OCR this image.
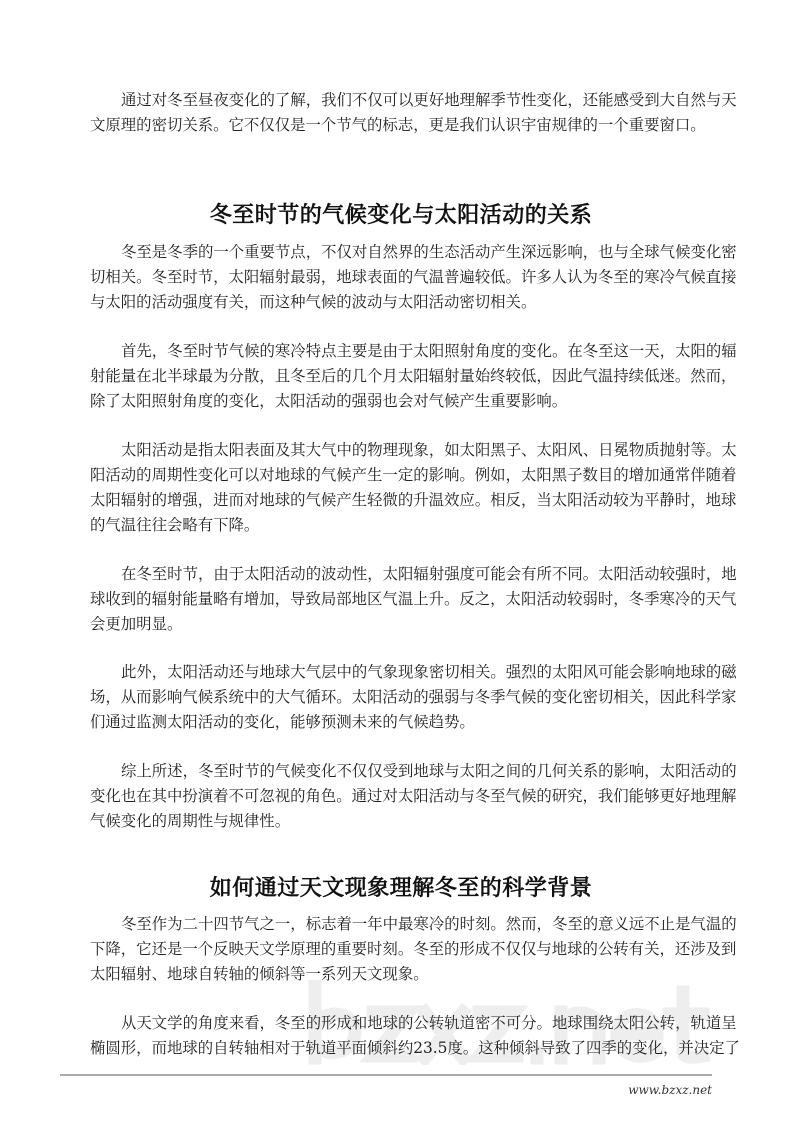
通过对冬至昼夜变化的了解，我们不仅可以更好地理解季节性变化，还能感受到大自然与天
文原理的密切关系。它不仅仅是一个节气的标志，更是我们认识宇宙规律的一个重要窗口。
冬至时节的气候变化与太阳活动的关系
冬至是冬季的一个重要节点，不仅对自然界的生态活动产生深远影响，也与全球气候变化密
切相关。冬至时节，太阳辐射最弱，地球表面的气温普遍较低。许多人认为冬至的寒冷气候直接
与太阳的活动强度有关，而这种气候的波动与太阳活动密切相关。
首先，冬至时节气候的寒冷特点主要是由于太阳照射角度的变化。在冬至这一天，太阳的辐
射能量在北半球最为分散，且冬至后的几个月太阳辐射量始终较低，因此气温持续低迷。然而，
除了太阳照射角度的变化，太阳活动的强弱也会对气候产生重要影响。
太阳活动是指太阳表面及其大气中的物理现象，如太阳黑子、太阳风、日冕物质抛射等。太
阳活动的周期性变化可以对地球的气候产生一定的影响。例如，太阳黑子数目的增加通常伴随着
太阳辐射的增强，进而对地球的气候产生轻微的升温效应。相反，当太阳活动较为平静时，地球
的气温往往会略有下降。
在冬至时节，由于太阳活动的波动性，太阳辐射强度可能会有所不同。太阳活动较强时，地
球收到的辐射能量略有增加，导致局部地区气温上升。反之，太阳活动较弱时，冬季寒冷的天气
会更加明显。
此外，太阳活动还与地球大气层中的气象现象密切相关。强烈的太阳风可能会影响地球的磁
场，从而影响气候系统中的大气循环。太阳活动的强弱与冬季气候的变化密切相关，因此科学家
们通过监测太阳活动的变化，能够预测未来的气候趋势。
综上所述，冬至时节的气候变化不仅仅受到地球与太阳之间的几何关系的影响，太阳活动的
变化也在其中扮演着不可忽视的角色。通过对太阳活动与冬至气候的研究，我们能够更好地理解
气候变化的周期性与规律性。
如何通过天文现象理解冬至的科学背景
冬至作为二十四节气之一，标志着一年中最寒冷的时刻。然而，冬至的意义远不止是气温的
下降，它还是一个反映天文学原理的重要时刻。冬至的形成不仅仅与地球的公转有关，还涉及到
太阳辐射、地球自转轴的倾斜等一系列天文现象。
从天文学的角度来看，冬至的形成和地球的公转轨道密不可分。地球围绕太阳公转，轨道呈
椭圆形，而地球的自转轴相对于轨道平面倾斜约23.5度。这种倾斜导致了四季的变化，并决定了
www.bzxz.net
